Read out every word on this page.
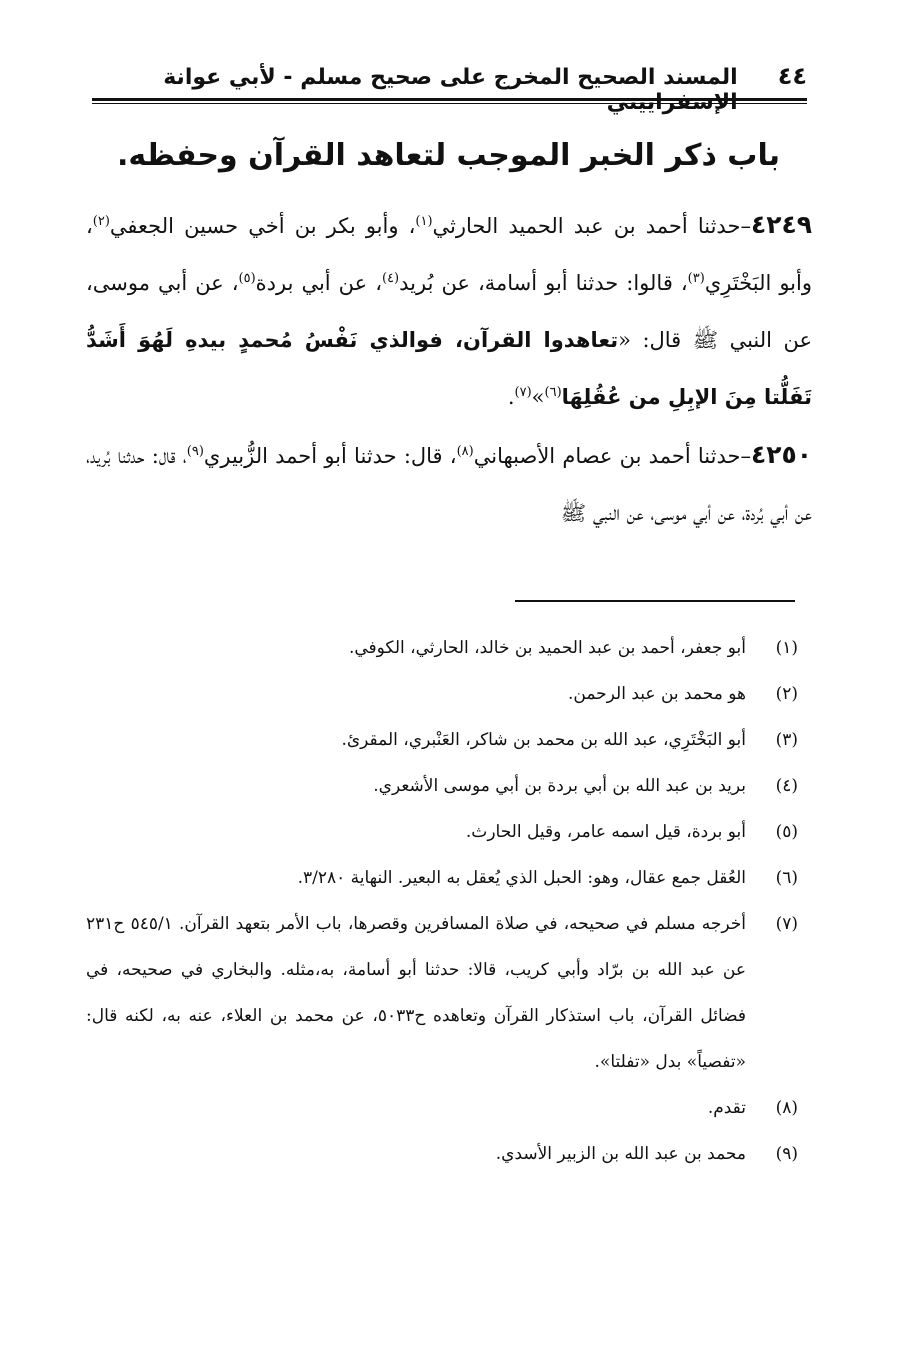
٤٤
المسند الصحيح المخرج على صحيح مسلم - لأبي عوانة الإسفراييني
باب ذكر الخبر الموجب لتعاهد القرآن وحفظه.
٤٢٤٩–حدثنا أحمد بن عبد الحميد الحارثي$^{(١)}$، وأبو بكر بن أخي حسين الجعفي$^{(٢)}$، وأبو البَخْتَرِي$^{(٣)}$، قالوا: حدثنا أبو أسامة، عن بُريد$^{(٤)}$، عن أبي بردة$^{(٥)}$، عن أبي موسى، عن النبي ﷺ قال: «تعاهدوا القرآن، فوالذي نَفْسُ مُحمدٍ بيدهِ لَهُوَ أَشَدُّ تَفَلُّتا مِنَ الإبِلِ من عُقُلِهَا$^{(٦)}$»$^{(٧)}$.
٤٢٥٠–حدثنا أحمد بن عصام الأصبهاني$^{(٨)}$، قال: حدثنا أبو أحمد الزُّبيري$^{(٩)}$، قال: حدثنا بُريد، عن أبي بُردة، عن أبي موسى، عن النبي ﷺ
(١)
أبو جعفر، أحمد بن عبد الحميد بن خالد، الحارثي، الكوفي.
(٢)
هو محمد بن عبد الرحمن.
(٣)
أبو البَخْتَرِي، عبد الله بن محمد بن شاكر، العَنْبري، المقرئ.
(٤)
بريد بن عبد الله بن أبي بردة بن أبي موسى الأشعري.
(٥)
أبو بردة، قيل اسمه عامر، وقيل الحارث.
(٦)
العُقل جمع عقال، وهو: الحبل الذي يُعقل به البعير. النهاية ٣/٢٨٠.
(٧)
أخرجه مسلم في صحيحه، في صلاة المسافرين وقصرها، باب الأمر بتعهد القرآن. ٥٤٥/١ ح٢٣١ عن عبد الله بن برّاد وأبي كريب، قالا: حدثنا أبو أسامة، به،مثله. والبخاري في صحيحه، في فضائل القرآن، باب استذكار القرآن وتعاهده ح٥٠٣٣، عن محمد بن العلاء، عنه به، لكنه قال: «تفصياً» بدل «تفلتا».
(٨)
تقدم.
(٩)
محمد بن عبد الله بن الزبير الأسدي.
